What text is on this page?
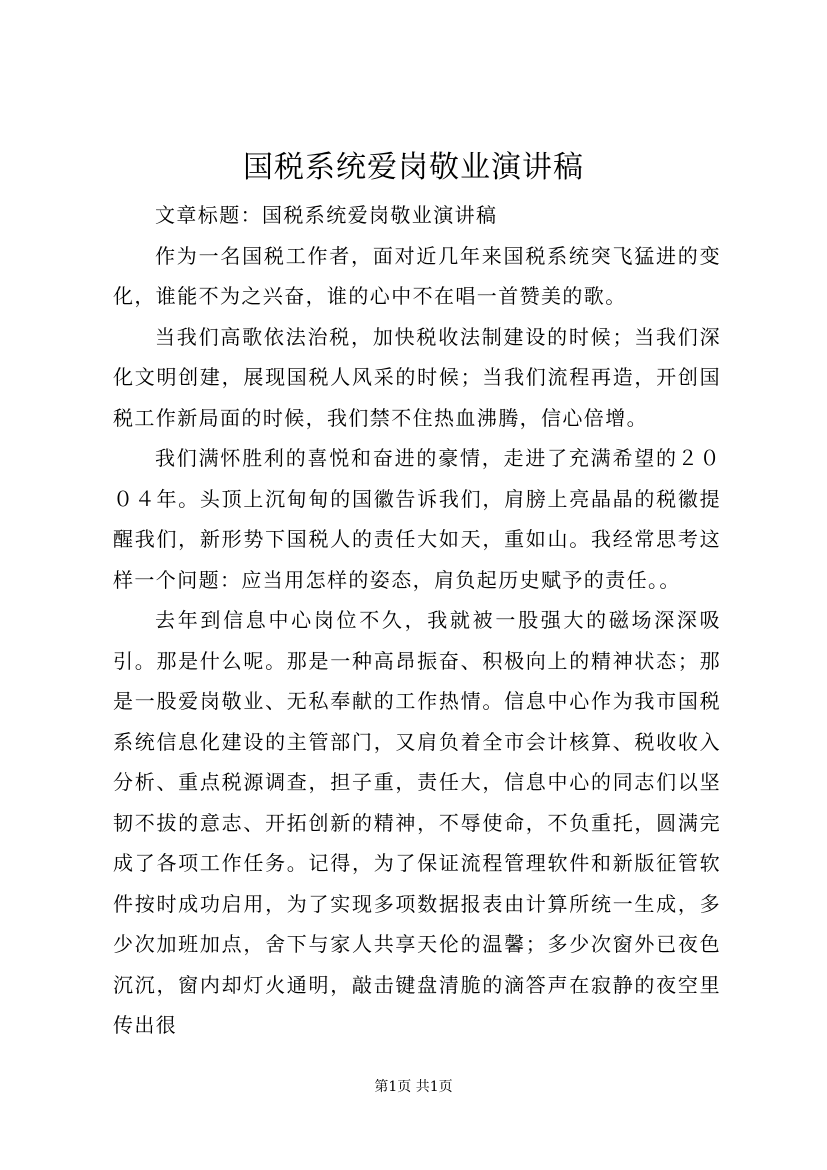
国税系统爱岗敬业演讲稿

文章标题：国税系统爱岗敬业演讲稿

作为一名国税工作者，面对近几年来国税系统突飞猛进的变化，谁能不为之兴奋，谁的心中不在唱一首赞美的歌。

当我们高歌依法治税，加快税收法制建设的时候；当我们深化文明创建，展现国税人风采的时候；当我们流程再造，开创国税工作新局面的时候，我们禁不住热血沸腾，信心倍增。

我们满怀胜利的喜悦和奋进的豪情，走进了充满希望的２００４年。头顶上沉甸甸的国徽告诉我们，肩膀上亮晶晶的税徽提醒我们，新形势下国税人的责任大如天，重如山。我经常思考这样一个问题：应当用怎样的姿态，肩负起历史赋予的责任。。

去年到信息中心岗位不久，我就被一股强大的磁场深深吸引。那是什么呢。那是一种高昂振奋、积极向上的精神状态；那是一股爱岗敬业、无私奉献的工作热情。信息中心作为我市国税系统信息化建设的主管部门，又肩负着全市会计核算、税收收入分析、重点税源调查，担子重，责任大，信息中心的同志们以坚韧不拔的意志、开拓创新的精神，不辱使命，不负重托，圆满完成了各项工作任务。记得，为了保证流程管理软件和新版征管软件按时成功启用，为了实现多项数据报表由计算所统一生成，多少次加班加点，舍下与家人共享天伦的温馨；多少次窗外已夜色沉沉，窗内却灯火通明，敲击键盘清脆的滴答声在寂静的夜空里传出很

第1页 共1页
